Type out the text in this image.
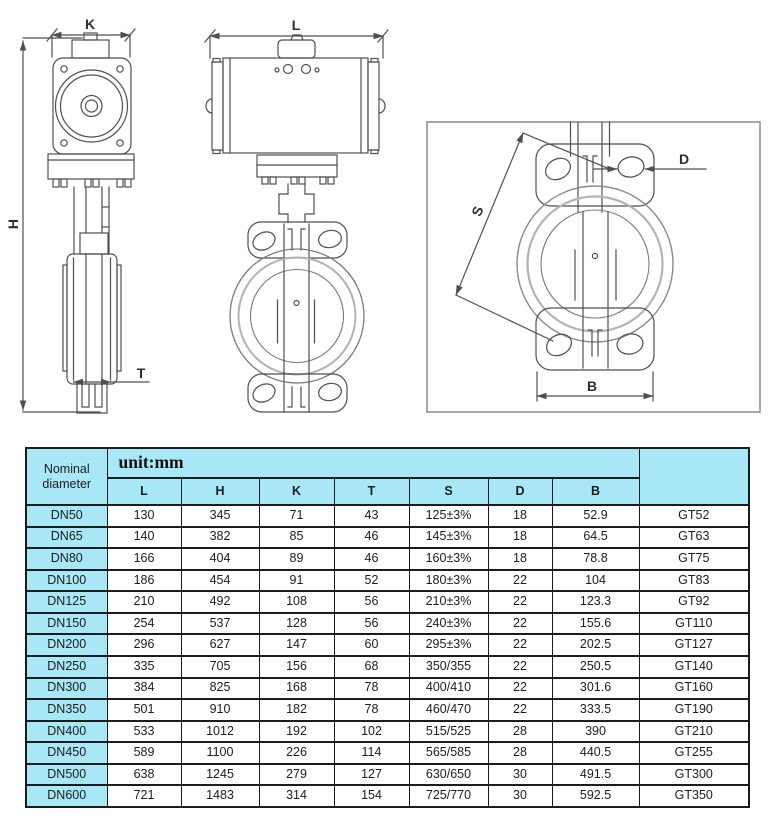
K
H
T
L
S
D
B
Nominal diameter	unit:mm							
	L	H	K	T	S	D	B	
DN50	130	345	71	43	125±3%	18	52.9	GT52
DN65	140	382	85	46	145±3%	18	64.5	GT63
DN80	166	404	89	46	160±3%	18	78.8	GT75
DN100	186	454	91	52	180±3%	22	104	GT83
DN125	210	492	108	56	210±3%	22	123.3	GT92
DN150	254	537	128	56	240±3%	22	155.6	GT110
DN200	296	627	147	60	295±3%	22	202.5	GT127
DN250	335	705	156	68	350/355	22	250.5	GT140
DN300	384	825	168	78	400/410	22	301.6	GT160
DN350	501	910	182	78	460/470	22	333.5	GT190
DN400	533	1012	192	102	515/525	28	390	GT210
DN450	589	1100	226	114	565/585	28	440.5	GT255
DN500	638	1245	279	127	630/650	30	491.5	GT300
DN600	721	1483	314	154	725/770	30	592.5	GT350
